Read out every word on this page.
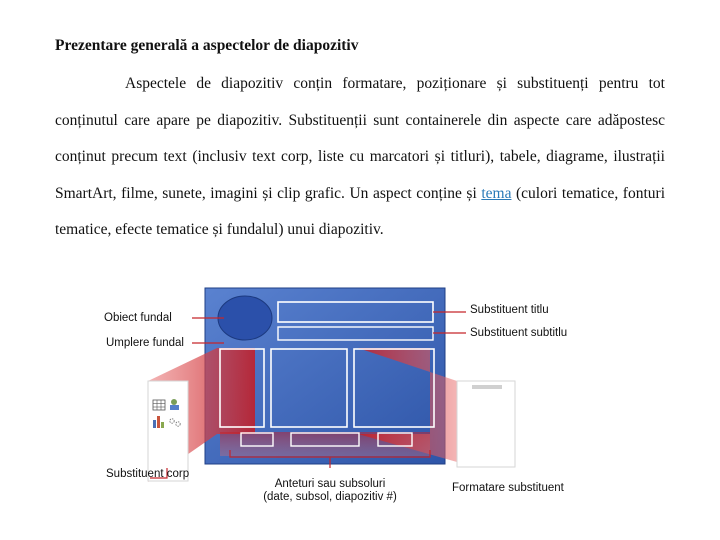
Prezentare generală a aspectelor de diapozitiv

Aspectele de diapozitiv conțin formatare, poziționare și substituenți pentru tot conținutul care apare pe diapozitiv. Substituenții sunt containerele din aspecte care adăpostesc conținut precum text (inclusiv text corp, liste cu marcatori și titluri), tabele, diagrame, ilustrații SmartArt, filme, sunete, imagini și clip grafic. Un aspect conține și tema (culori tematice, fonturi tematice, efecte tematice și fundalul) unui diapozitiv.

Obiect fundal
Umplere fundal
Substituent titlu
Substituent subtitlu
Substituent corp
Anteturi sau subsoluri
(date, subsol, diapozitiv #)
Formatare substituent
